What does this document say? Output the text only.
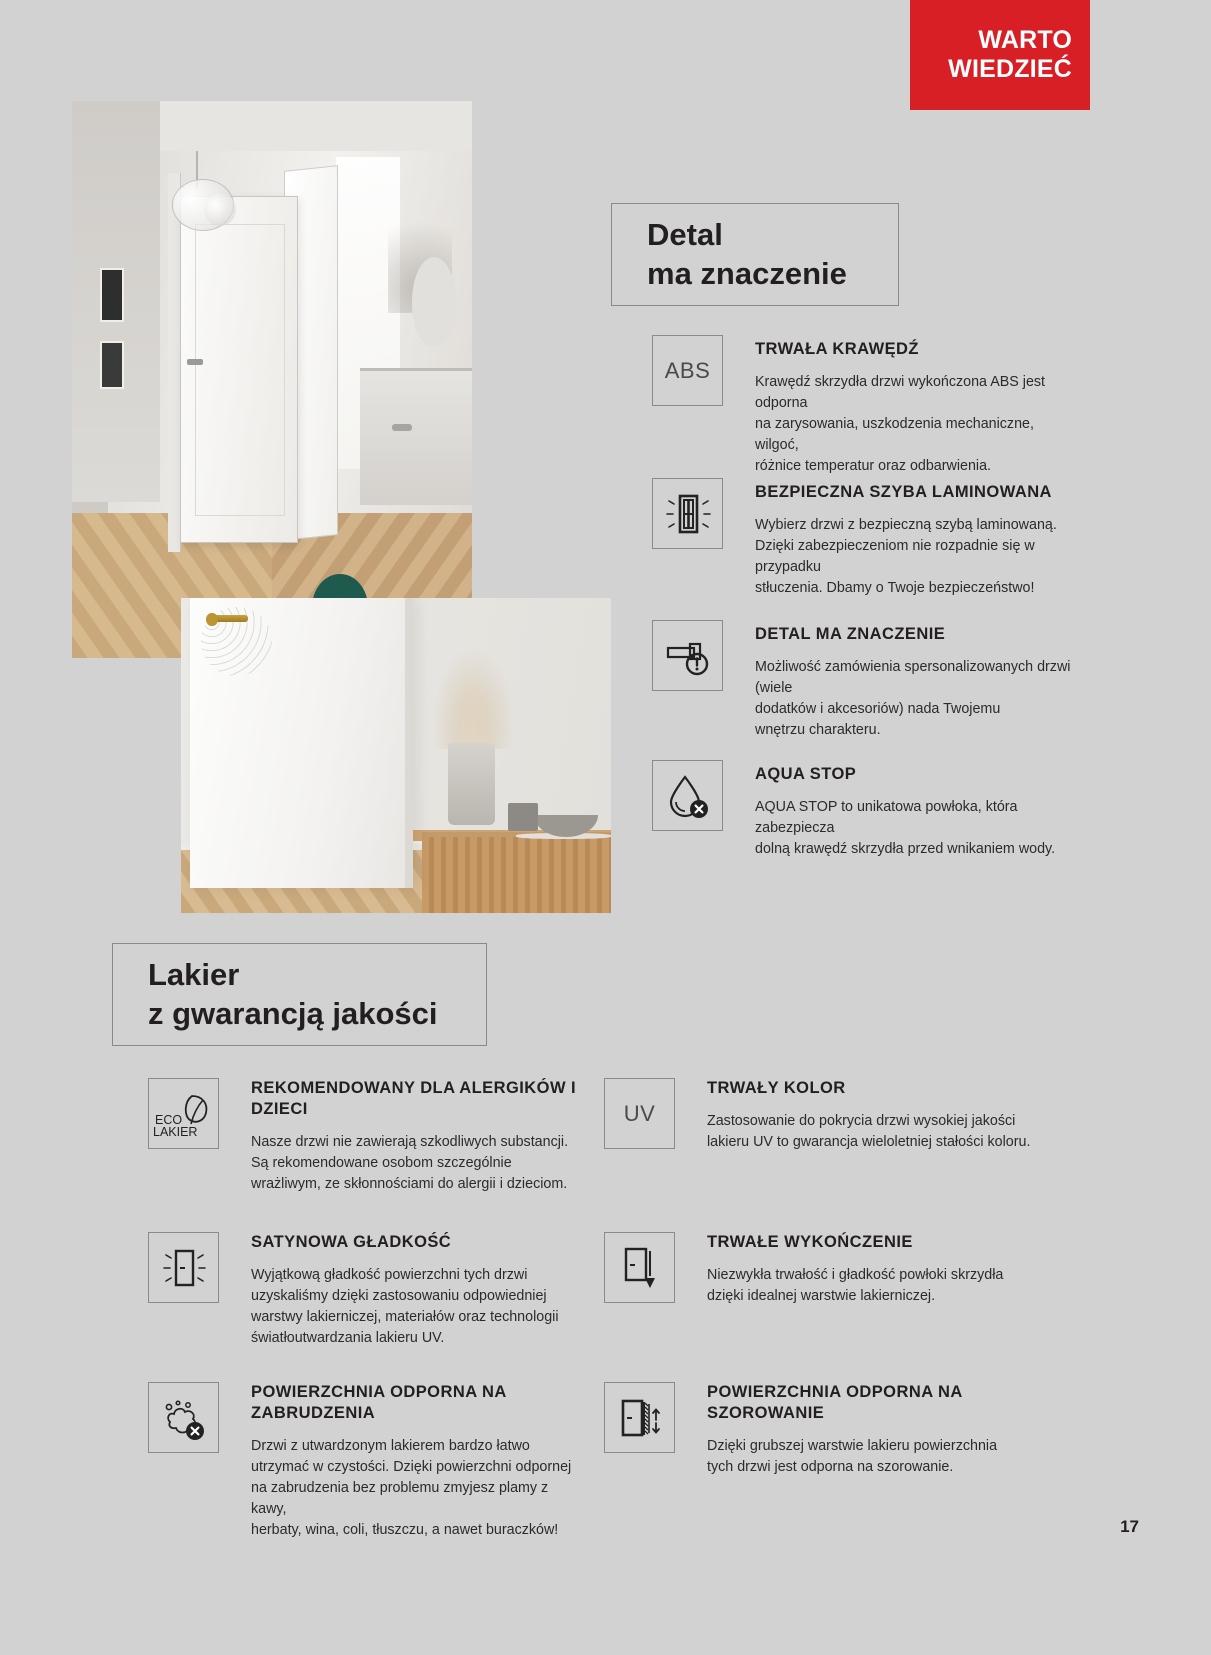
WARTO
WIEDZIEĆ
Detal
ma znaczenie
ABS

TRWAŁA KRAWĘDŹ

Krawędź skrzydła drzwi wykończona ABS jest odporna
na zarysowania, uszkodzenia mechaniczne, wilgoć,
różnice temperatur oraz odbarwienia.

BEZPIECZNA SZYBA LAMINOWANA

Wybierz drzwi z bezpieczną szybą laminowaną.
Dzięki zabezpieczeniom nie rozpadnie się w przypadku
stłuczenia. Dbamy o Twoje bezpieczeństwo!

DETAL MA ZNACZENIE

Możliwość zamówienia spersonalizowanych drzwi (wiele
dodatków i akcesoriów) nada Twojemu
wnętrzu charakteru.

AQUA STOP

AQUA STOP to unikatowa powłoka, która zabezpiecza
dolną krawędź skrzydła przed wnikaniem wody.

Lakier
z gwarancją jakości
ECO
LAKIER

REKOMENDOWANY DLA ALERGIKÓW I DZIECI

Nasze drzwi nie zawierają szkodliwych substancji.
Są rekomendowane osobom szczególnie
wrażliwym, ze skłonnościami do alergii i dzieciom.

SATYNOWA GŁADKOŚĆ

Wyjątkową gładkość powierzchni tych drzwi
uzyskaliśmy dzięki zastosowaniu odpowiedniej
warstwy lakierniczej, materiałów oraz technologii
światłoutwardzania lakieru UV.

POWIERZCHNIA ODPORNA NA ZABRUDZENIA

Drzwi z utwardzonym lakierem bardzo łatwo
utrzymać w czystości. Dzięki powierzchni odpornej
na zabrudzenia bez problemu zmyjesz plamy z kawy,
herbaty, wina, coli, tłuszczu, a nawet buraczków!

UV

TRWAŁY KOLOR

Zastosowanie do pokrycia drzwi wysokiej jakości
lakieru UV to gwarancja wieloletniej stałości koloru.

TRWAŁE WYKOŃCZENIE

Niezwykła trwałość i gładkość powłoki skrzydła
dzięki idealnej warstwie lakierniczej.

POWIERZCHNIA ODPORNA NA SZOROWANIE

Dzięki grubszej warstwie lakieru powierzchnia
tych drzwi jest odporna na szorowanie.

17
